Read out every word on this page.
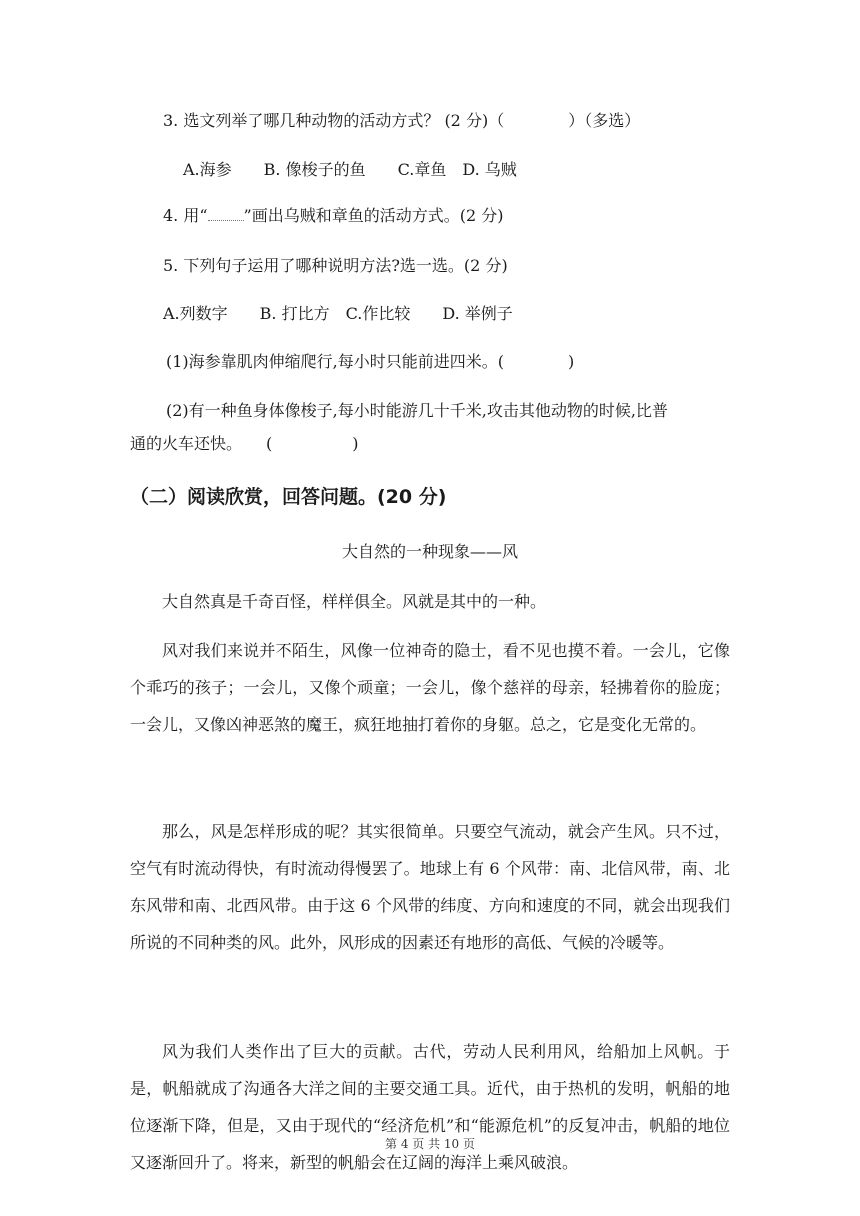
3. 选文列举了哪几种动物的活动方式？ (2 分)（　　　　）（多选）
A.海参　　B. 像梭子的鱼　　C.章鱼　D. 乌贼
4. 用“ ”画出乌贼和章鱼的活动方式。(2 分)
5. 下列句子运用了哪种说明方法?选一选。(2 分)
A.列数字　　B. 打比方　C.作比较　　D. 举例子
(1)海参靠肌肉伸缩爬行,每小时只能前进四米。(　　　　)
(2)有一种鱼身体像梭子,每小时能游几十千米,攻击其他动物的时候,比普
通的火车还快。　　(　　　　　)
（二）阅读欣赏，回答问题。(20 分)
大自然的一种现象——风
大自然真是千奇百怪，样样俱全。风就是其中的一种。
风对我们来说并不陌生，风像一位神奇的隐士，看不见也摸不着。一会儿，它像个乖巧的孩子；一会儿，又像个顽童；一会儿，像个慈祥的母亲，轻拂着你的脸庞；一会儿，又像凶神恶煞的魔王，疯狂地抽打着你的身躯。总之，它是变化无常的。
那么，风是怎样形成的呢？其实很简单。只要空气流动，就会产生风。只不过，空气有时流动得快，有时流动得慢罢了。地球上有 6 个风带：南、北信风带，南、北东风带和南、北西风带。由于这 6 个风带的纬度、方向和速度的不同，就会出现我们所说的不同种类的风。此外，风形成的因素还有地形的高低、气候的冷暖等。
风为我们人类作出了巨大的贡献。古代，劳动人民利用风，给船加上风帆。于是，帆船就成了沟通各大洋之间的主要交通工具。近代，由于热机的发明，帆船的地位逐渐下降，但是，又由于现代的“经济危机”和“能源危机”的反复冲击，帆船的地位又逐渐回升了。将来，新型的帆船会在辽阔的海洋上乘风破浪。
第 4 页 共 10 页
